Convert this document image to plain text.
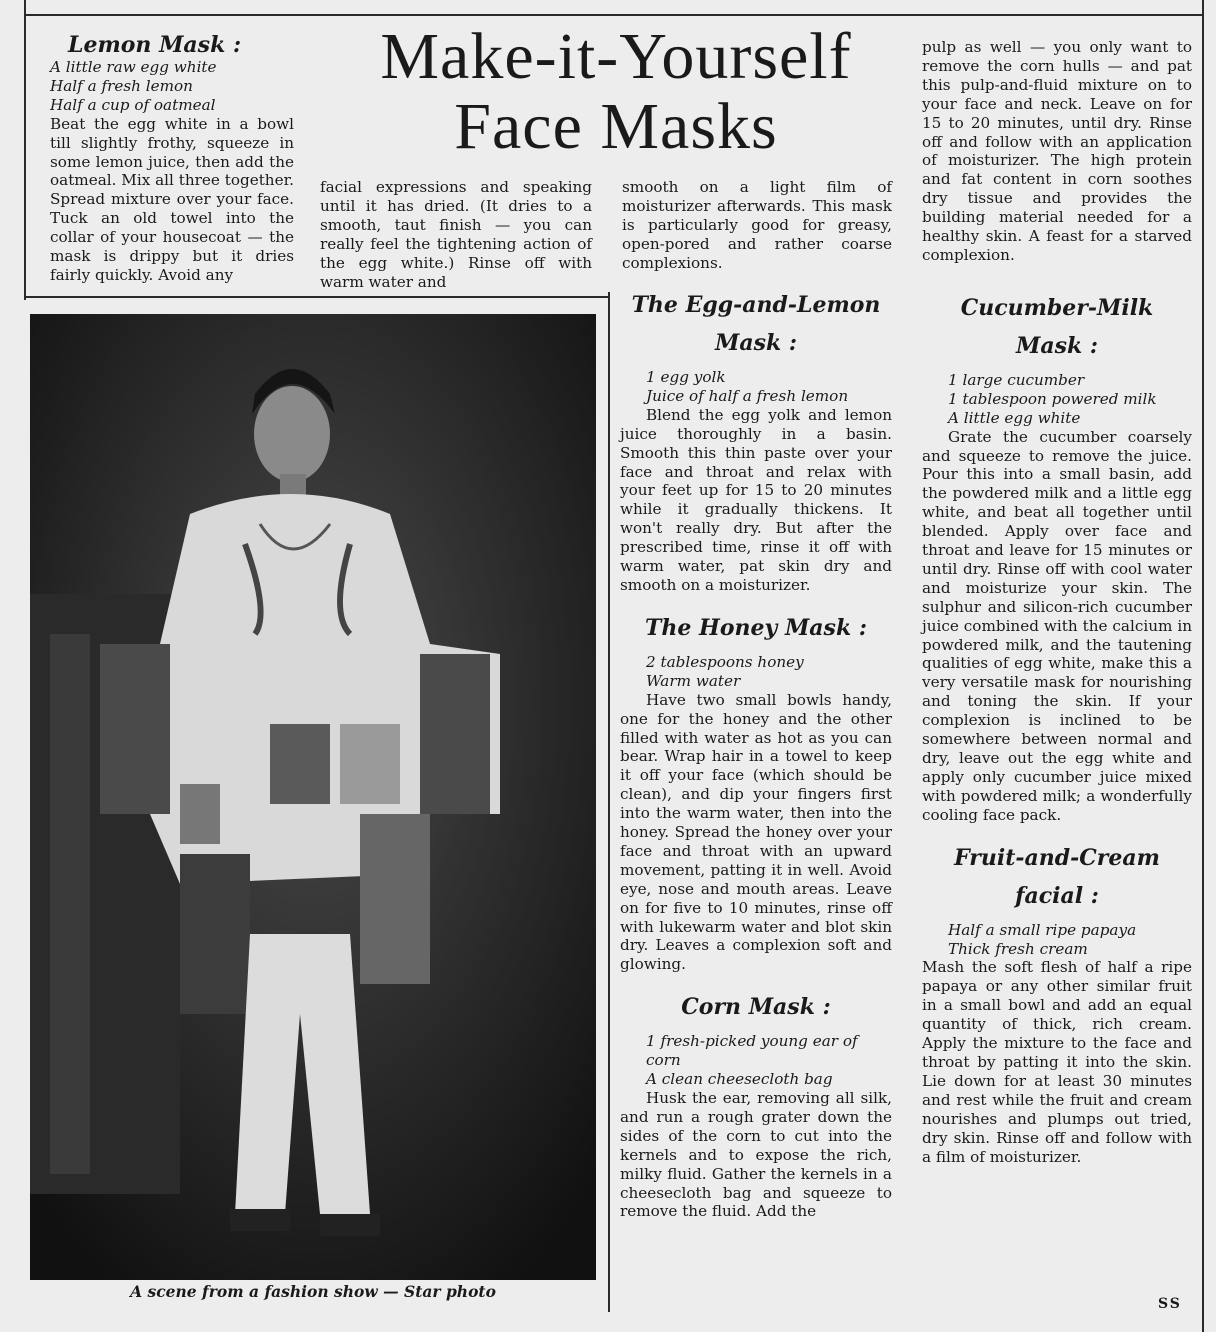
Lemon Mask :
A little raw egg white
Half a fresh lemon
Half a cup of oatmeal

Beat the egg white in a bowl till slightly frothy, squeeze in some lemon juice, then add the oatmeal. Mix all three together. Spread mixture over your face. Tuck an old towel into the collar of your housecoat — the mask is drippy but it dries fairly quickly. Avoid any

Make-it-Yourself
Face Masks

facial expressions and speaking until it has dried. (It dries to a smooth, taut finish — you can really feel the tightening action of the egg white.) Rinse off with warm water and

smooth on a light film of moisturizer afterwards. This mask is particularly good for greasy, open-pored and rather coarse complexions.

A scene from a fashion show — Star photo
The Egg-and-Lemon
Mask :
1 egg yolk
Juice of half a fresh lemon

Blend the egg yolk and lemon juice thoroughly in a basin. Smooth this thin paste over your face and throat and relax with your feet up for 15 to 20 minutes while it gradually thickens. It won't really dry. But after the prescribed time, rinse it off with warm water, pat skin dry and smooth on a moisturizer.

The Honey Mask :
2 tablespoons honey
Warm water

Have two small bowls handy, one for the honey and the other filled with water as hot as you can bear. Wrap hair in a towel to keep it off your face (which should be clean), and dip your fingers first into the warm water, then into the honey. Spread the honey over your face and throat with an upward movement, patting it in well. Avoid eye, nose and mouth areas. Leave on for five to 10 minutes, rinse off with lukewarm water and blot skin dry. Leaves a complexion soft and glowing.

Corn Mask :
1 fresh-picked young ear of corn
A clean cheesecloth bag

Husk the ear, removing all silk, and run a rough grater down the sides of the corn to cut into the kernels and to expose the rich, milky fluid. Gather the kernels in a cheesecloth bag and squeeze to remove the fluid. Add the

pulp as well — you only want to remove the corn hulls — and pat this pulp-and-fluid mixture on to your face and neck. Leave on for 15 to 20 minutes, until dry. Rinse off and follow with an application of moisturizer. The high protein and fat content in corn soothes dry tissue and provides the building material needed for a healthy skin. A feast for a starved complexion.

Cucumber-Milk
Mask :
1 large cucumber
1 tablespoon powered milk
A little egg white

Grate the cucumber coarsely and squeeze to remove the juice. Pour this into a small basin, add the powdered milk and a little egg white, and beat all together until blended. Apply over face and throat and leave for 15 minutes or until dry. Rinse off with cool water and moisturize your skin. The sulphur and silicon-rich cucumber juice combined with the calcium in powdered milk, and the tautening qualities of egg white, make this a very versatile mask for nourishing and toning the skin. If your complexion is inclined to be somewhere between normal and dry, leave out the egg white and apply only cucumber juice mixed with powdered milk; a wonderfully cooling face pack.

Fruit-and-Cream
facial :
Half a small ripe papaya
Thick fresh cream

Mash the soft flesh of half a ripe papaya or any other similar fruit in a small bowl and add an equal quantity of thick, rich cream. Apply the mixture to the face and throat by patting it into the skin. Lie down for at least 30 minutes and rest while the fruit and cream nourishes and plumps out tried, dry skin. Rinse off and follow with a film of moisturizer.

SS
